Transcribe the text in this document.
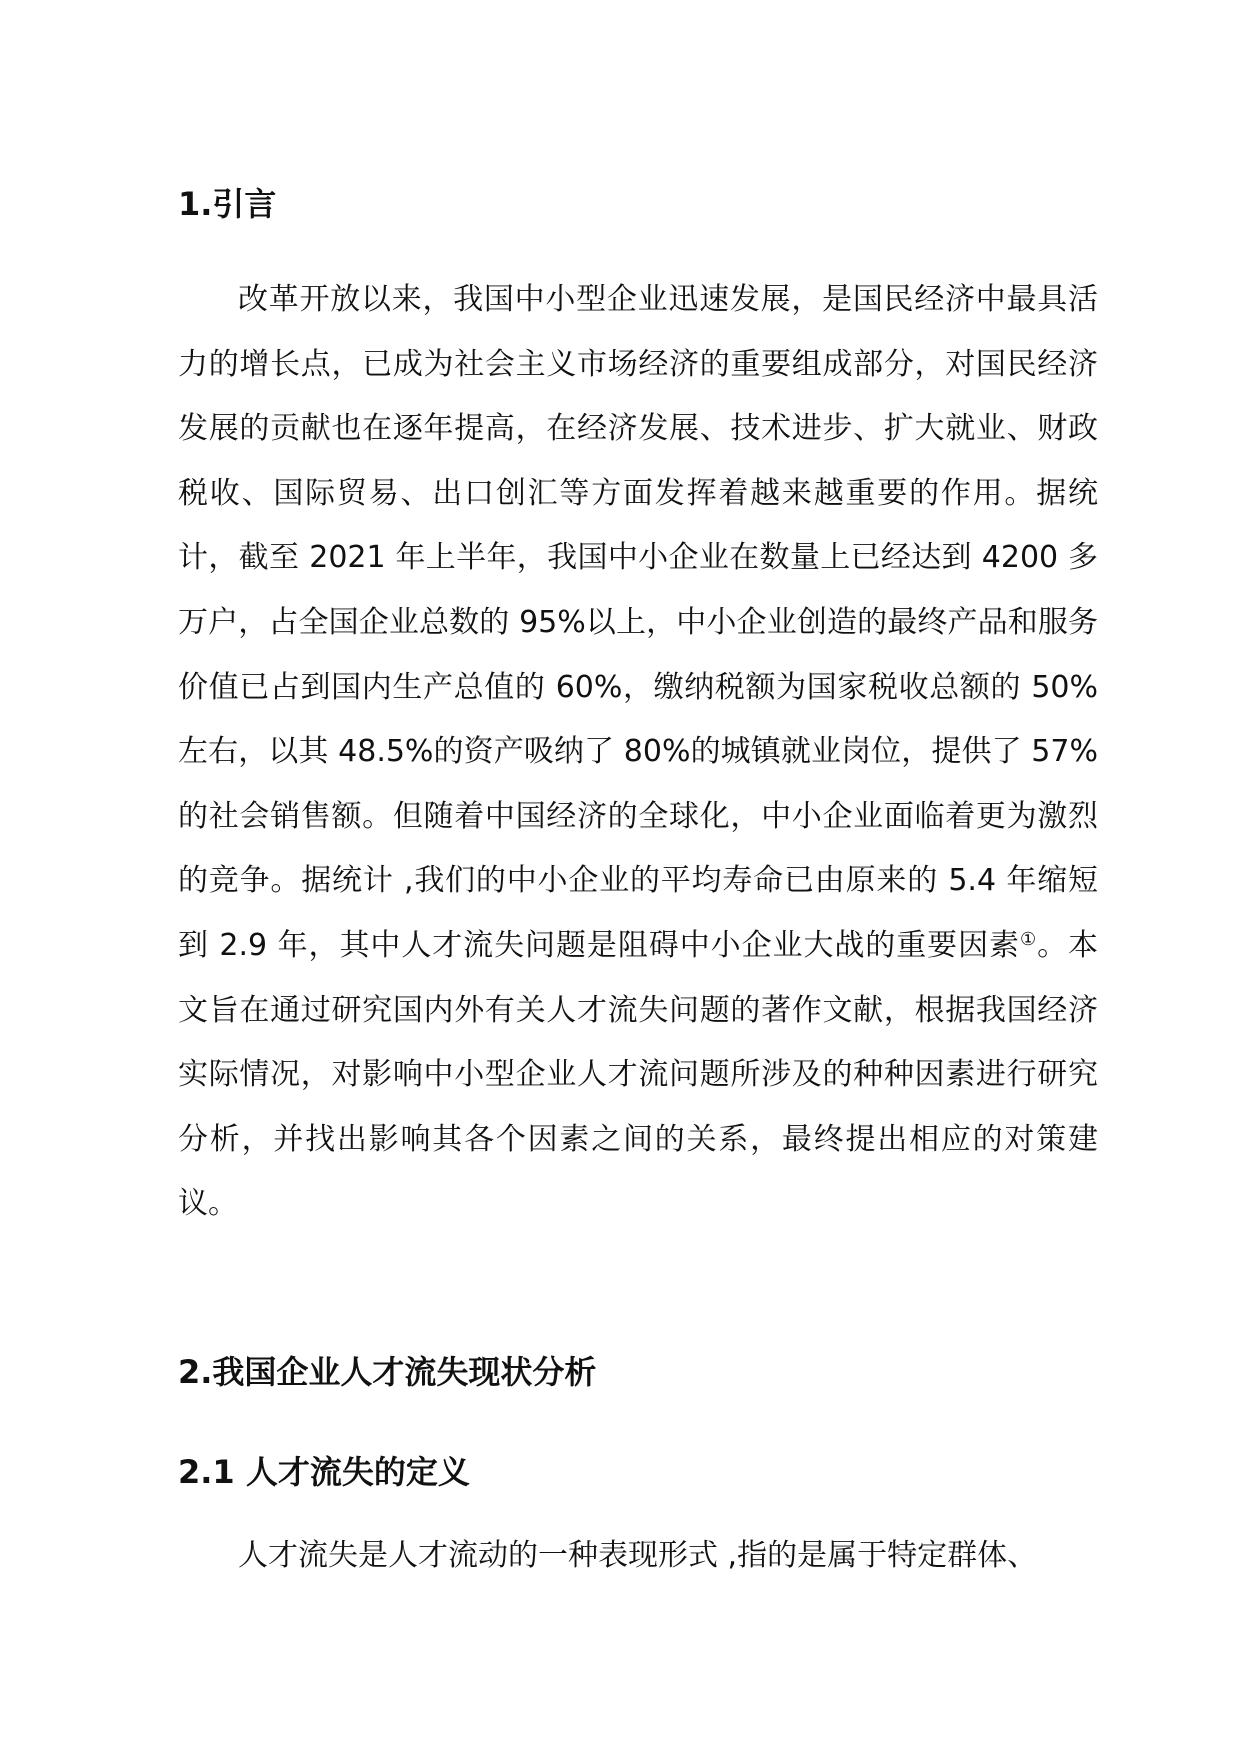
1.引言

改革开放以来，我国中小型企业迅速发展，是国民经济中最具活力的增长点，已成为社会主义市场经济的重要组成部分，对国民经济发展的贡献也在逐年提高，在经济发展、技术进步、扩大就业、财政税收、国际贸易、出口创汇等方面发挥着越来越重要的作用。据统计，截至 2021 年上半年，我国中小企业在数量上已经达到 4200 多万户，占全国企业总数的 95%以上，中小企业创造的最终产品和服务价值已占到国内生产总值的 60%，缴纳税额为国家税收总额的 50%左右，以其 48.5%的资产吸纳了 80%的城镇就业岗位，提供了 57%的社会销售额。但随着中国经济的全球化，中小企业面临着更为激烈的竞争。据统计 ,我们的中小企业的平均寿命已由原来的 5.4 年缩短到 2.9 年，其中人才流失问题是阻碍中小企业大战的重要因素①。本文旨在通过研究国内外有关人才流失问题的著作文献，根据我国经济实际情况，对影响中小型企业人才流问题所涉及的种种因素进行研究分析，并找出影响其各个因素之间的关系，最终提出相应的对策建议。

2.我国企业人才流失现状分析
2.1 人才流失的定义

人才流失是人才流动的一种表现形式 ,指的是属于特定群体、
